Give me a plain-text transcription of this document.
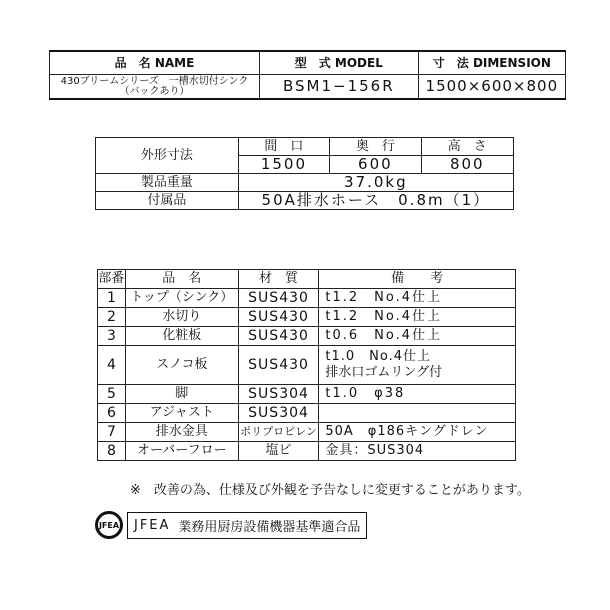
品　名 NAME	型　式 MODEL	寸　法 DIMENSION

430ブリームシリーズ　一槽水切付シンク
（バックあり）	BSM1−156R	1500×600×800
外形寸法	間　口	奥　行	高　さ
	1500	600	800
製品重量	37.0kg		
付属品	50A排水ホース　0.8m（1）		
部番	品　名	材　質	備　　考
1	トップ（シンク）	SUS430	t1.2　No.4仕上
2	水切り	SUS430	t1.2　No.4仕上
3	化粧板	SUS430	t0.6　No.4仕上
4	スノコ板	SUS430	t1.0　No.4仕上
排水口ゴムリング付

5	脚	SUS304	t1.0　φ38
6	アジャスト	SUS304	
7	排水金具	ポリプロピレン	50A　φ186キングドレン
8	オーバーフロー	塩ビ	金具：SUS304
※　改善の為、仕様及び外観を予告なしに変更することがあります。
JFEA	JFEA 業務用厨房設備機器基準適合品
